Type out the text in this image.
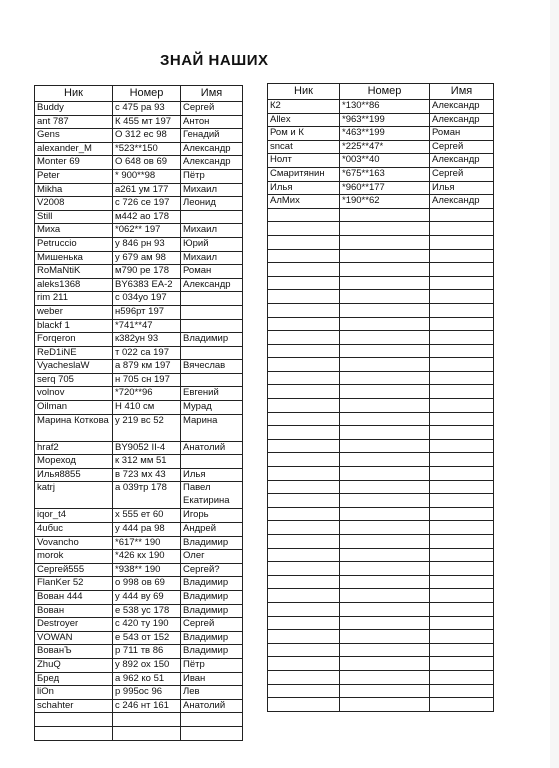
ЗНАЙ НАШИХ
Ник	Номер	Имя
Buddy	с 475 ра 93	Сергей
ant 787	К 455 мт 197	Антон
Gens	О 312 ес 98	Генадий
alexander_M	*523**150	Александр
Monter 69	О 648 ов 69	Александр
Peter	* 900**98	Пётр
Mikha	а261 ум 177	Михаил
V2008	с 726 се 197	Леонид
Still	м442 ао 178	
Миха	*062** 197	Михаил
Petruccio	у 846 рн 93	Юрий
Мишенька	у 679 ам 98	Михаил
RoMaNtiK	м790 ре 178	Роман
aleks1368	BY6383 EA-2	Александр
rim 211	с 034уо 197	
weber	н596рт 197	
blackf 1	*741**47	
Forqeron	к382ун 93	Владимир
ReD1iNE	т 022 са 197	
VyacheslaW	а 879 км 197	Вячеслав
serq 705	н 705 сн 197	
volnov	*720**96	Евгений
Oilman	Н 410 см	Мурад
Марина Коткова	у 219 вс 52	Марина
hraf2	BY9052 II-4	Анатолий
Мореход	к 312 мм 51	
Илья8855	в 723 мх 43	Илья
katrj	а 039тр 178	Павел Екатирина
iqor_t4	х 555 ет 60	Игорь
4uбuc	у 444 ра 98	Андрей
Vovancho	*617** 190	Владимир
morok	*426 кх 190	Олег
Сергей555	*938** 190	Сергей?
FlanKer 52	о 998 ов 69	Владимир
Вован 444	у 444 ву 69	Владимир
Вован	е 538 ус 178	Владимир
Destroyer	с 420 ту 190	Сергей
VOWAN	е 543 от 152	Владимир
ВованЪ	р 711 тв 86	Владимир
ZhuQ	у 892 ох 150	Пётр
Бред	а 962 ко 51	Иван
liOn	р 995ос 96	Лев
schahter	с 246 нт 161	Анатолий

Ник	Номер	Имя
К2	*130**86	Александр
Allex	*963**199	Александр
Ром и К	*463**199	Роман
sncat	*225**47*	Сергей
Нолт	*003**40	Александр
Смаритянин	*675**163	Сергей
Илья	*960**177	Илья
АлМих	*190**62	Александр
